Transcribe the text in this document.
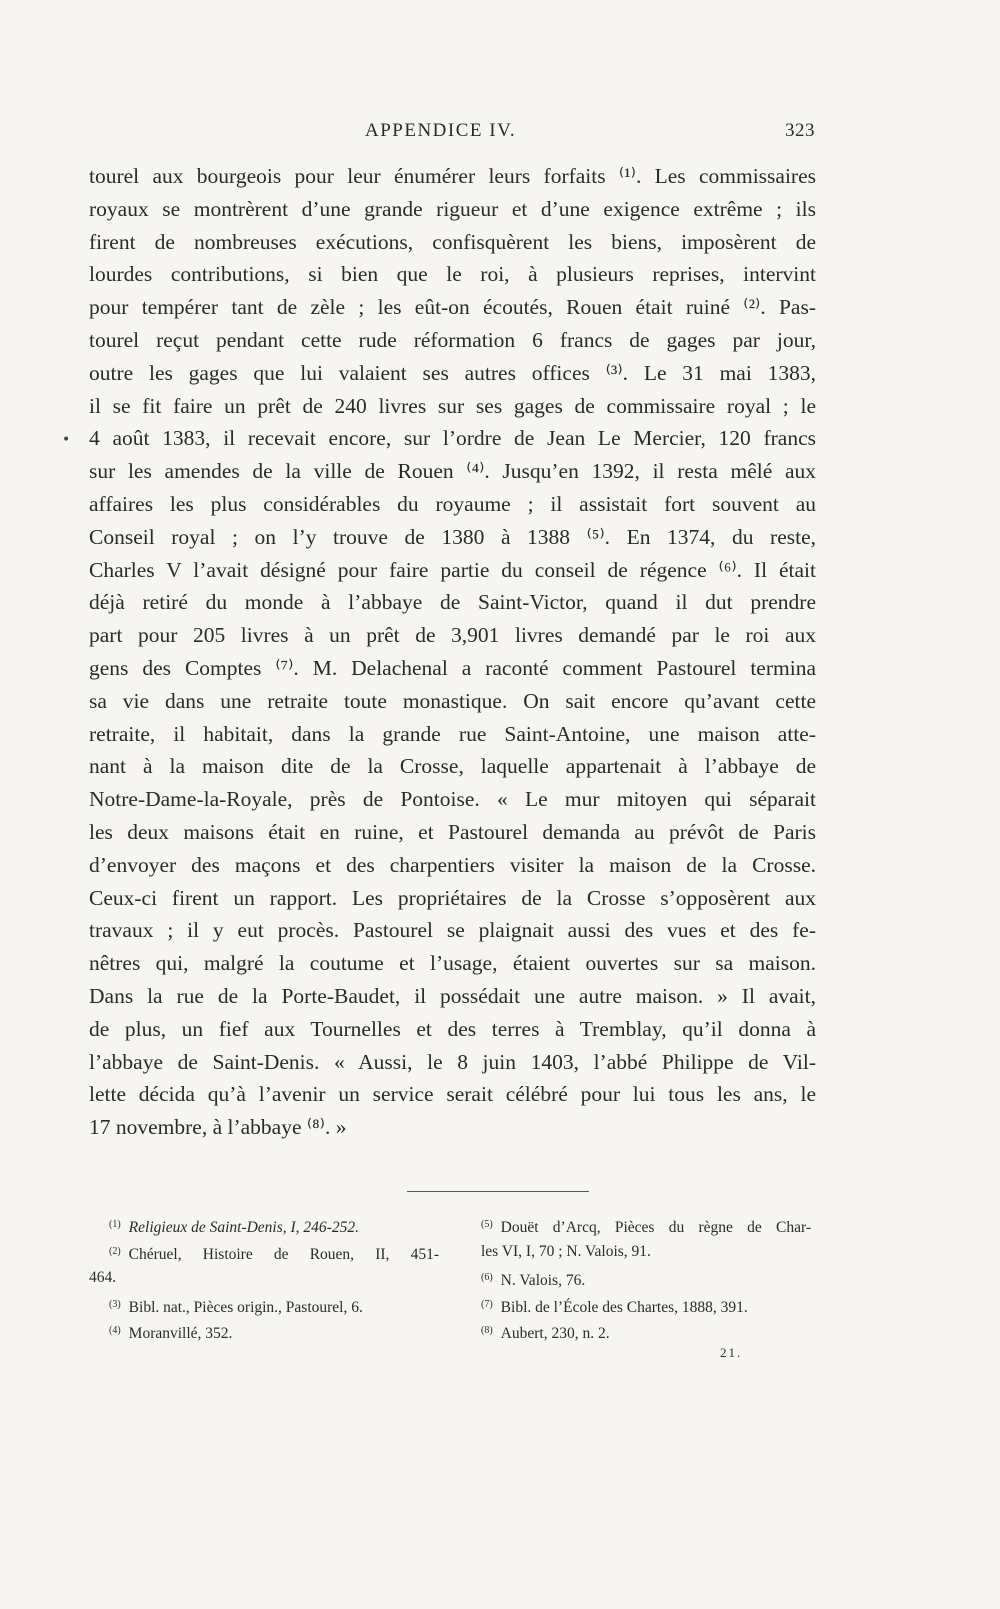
APPENDICE IV.	323
•
tourel aux bourgeois pour leur énumérer leurs forfaits ⁽¹⁾. Les commissaires
royaux se montrèrent d’une grande rigueur et d’une exigence extrême ; ils
firent de nombreuses exécutions, confisquèrent les biens, imposèrent de
lourdes contributions, si bien que le roi, à plusieurs reprises, intervint
pour tempérer tant de zèle ; les eût-on écoutés, Rouen était ruiné ⁽²⁾. Pas-
tourel reçut pendant cette rude réformation 6 francs de gages par jour,
outre les gages que lui valaient ses autres offices ⁽³⁾. Le 31 mai 1383,
il se fit faire un prêt de 240 livres sur ses gages de commissaire royal ; le
4 août 1383, il recevait encore, sur l’ordre de Jean Le Mercier, 120 francs
sur les amendes de la ville de Rouen ⁽⁴⁾. Jusqu’en 1392, il resta mêlé aux
affaires les plus considérables du royaume ; il assistait fort souvent au
Conseil royal ; on l’y trouve de 1380 à 1388 ⁽⁵⁾. En 1374, du reste,
Charles V l’avait désigné pour faire partie du conseil de régence ⁽⁶⁾. Il était
déjà retiré du monde à l’abbaye de Saint-Victor, quand il dut prendre
part pour 205 livres à un prêt de 3,901 livres demandé par le roi aux
gens des Comptes ⁽⁷⁾. M. Delachenal a raconté comment Pastourel termina
sa vie dans une retraite toute monastique. On sait encore qu’avant cette
retraite, il habitait, dans la grande rue Saint-Antoine, une maison atte-
nant à la maison dite de la Crosse, laquelle appartenait à l’abbaye de
Notre-Dame-la-Royale, près de Pontoise. « Le mur mitoyen qui séparait
les deux maisons était en ruine, et Pastourel demanda au prévôt de Paris
d’envoyer des maçons et des charpentiers visiter la maison de la Crosse.
Ceux-ci firent un rapport. Les propriétaires de la Crosse s’opposèrent aux
travaux ; il y eut procès. Pastourel se plaignait aussi des vues et des fe-
nêtres qui, malgré la coutume et l’usage, étaient ouvertes sur sa maison.
Dans la rue de la Porte-Baudet, il possédait une autre maison. » Il avait,
de plus, un fief aux Tournelles et des terres à Tremblay, qu’il donna à
l’abbaye de Saint-Denis. « Aussi, le 8 juin 1403, l’abbé Philippe de Vil-
lette décida qu’à l’avenir un service serait célébré pour lui tous les ans, le
17 novembre, à l’abbaye ⁽⁸⁾. »
$^{(1)}$ Religieux de Saint-Denis, I, 246-252.
$^{(2)}$ Chéruel, Histoire de Rouen, II, 451-
464.
$^{(3)}$ Bibl. nat., Pièces origin., Pastourel, 6.
$^{(4)}$ Moranvillé, 352.
$^{(5)}$ Douët d’Arcq, Pièces du règne de Char-
les VI, I, 70 ; N. Valois, 91.
$^{(6)}$ N. Valois, 76.
$^{(7)}$ Bibl. de l’École des Chartes, 1888, 391.
$^{(8)}$ Aubert, 230, n. 2.
21.
